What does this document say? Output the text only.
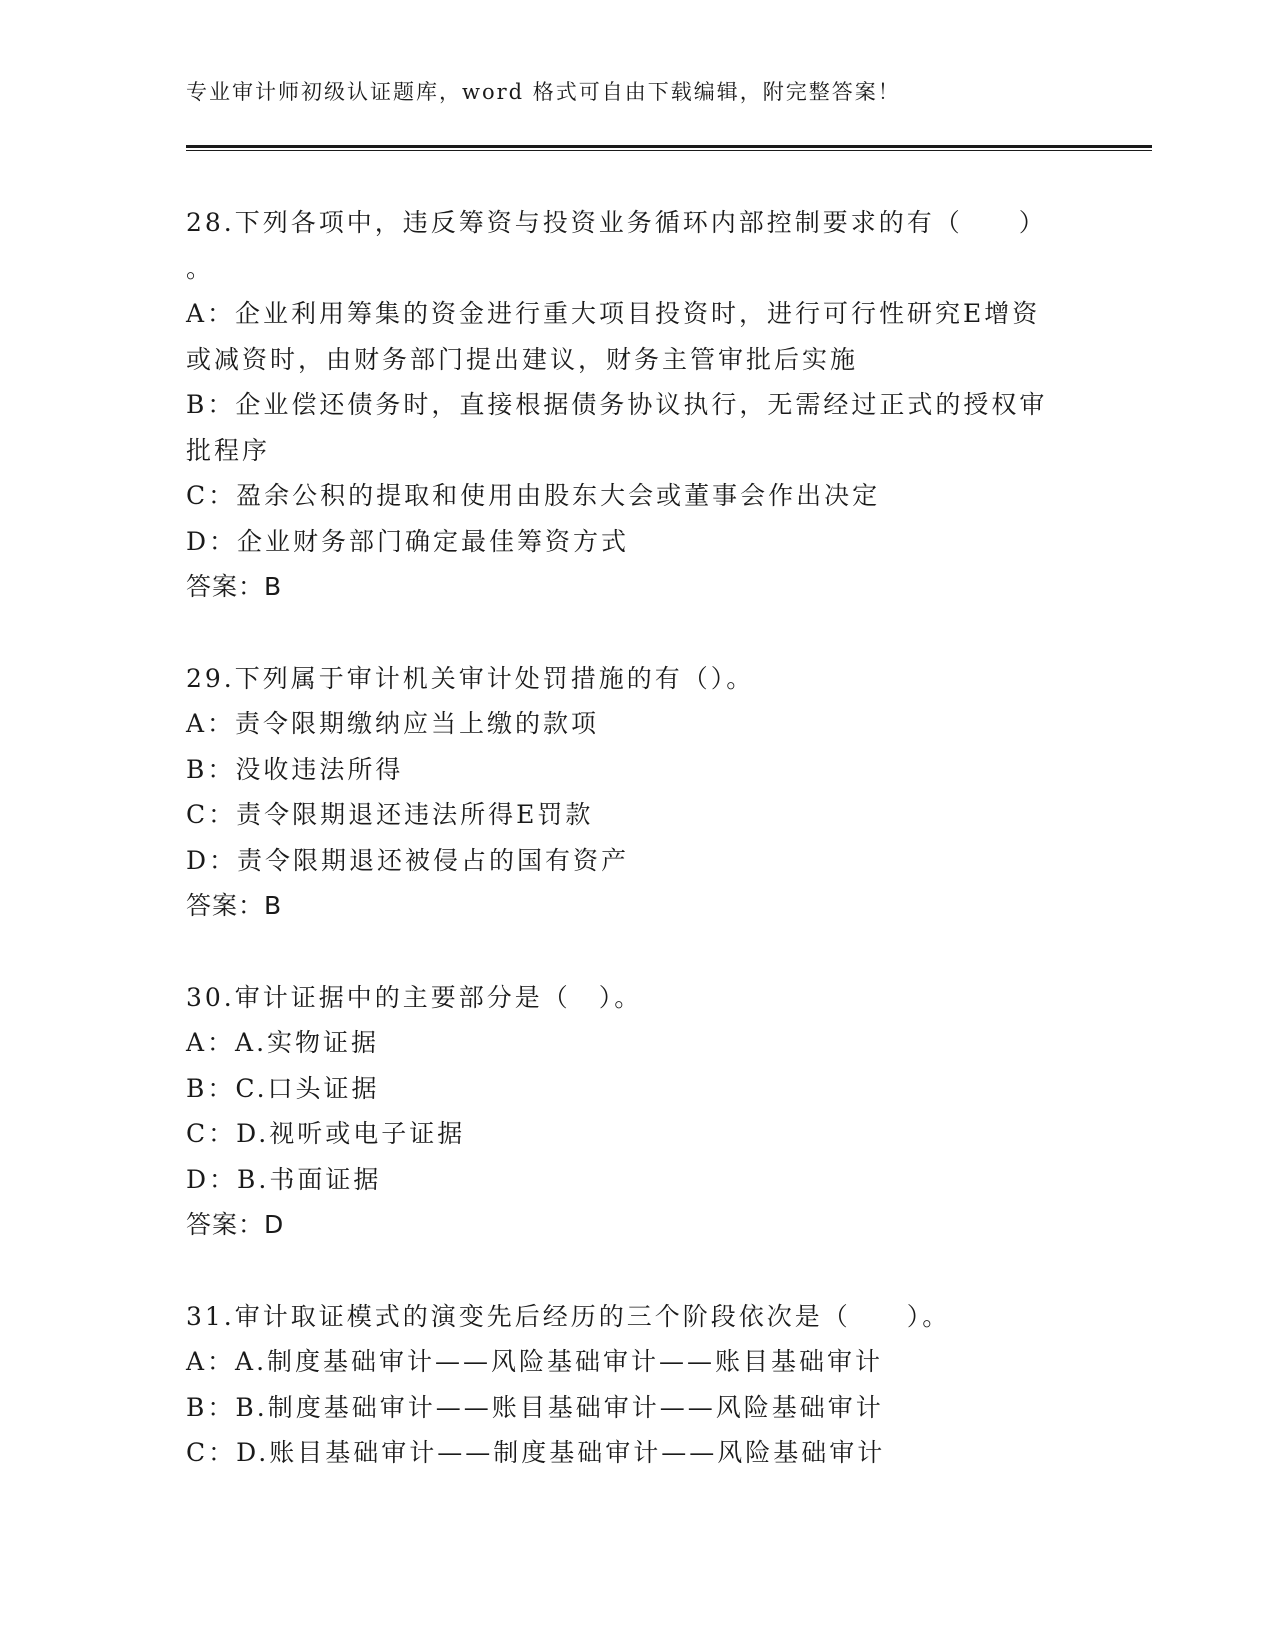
专业审计师初级认证题库，word 格式可自由下载编辑，附完整答案！
28.下列各项中，违反筹资与投资业务循环内部控制要求的有（　　）
。
A：企业利用筹集的资金进行重大项目投资时，进行可行性研究E增资
或减资时，由财务部门提出建议，财务主管审批后实施
B：企业偿还债务时，直接根据债务协议执行，无需经过正式的授权审
批程序
C：盈余公积的提取和使用由股东大会或董事会作出决定
D：企业财务部门确定最佳筹资方式
答案：B
29.下列属于审计机关审计处罚措施的有（）。
A：责令限期缴纳应当上缴的款项
B：没收违法所得
C：责令限期退还违法所得E罚款
D：责令限期退还被侵占的国有资产
答案：B
30.审计证据中的主要部分是（　）。
A：A.实物证据
B：C.口头证据
C：D.视听或电子证据
D：B.书面证据
答案：D
31.审计取证模式的演变先后经历的三个阶段依次是（　　）。
A：A.制度基础审计——风险基础审计——账目基础审计
B：B.制度基础审计——账目基础审计——风险基础审计
C：D.账目基础审计——制度基础审计——风险基础审计
